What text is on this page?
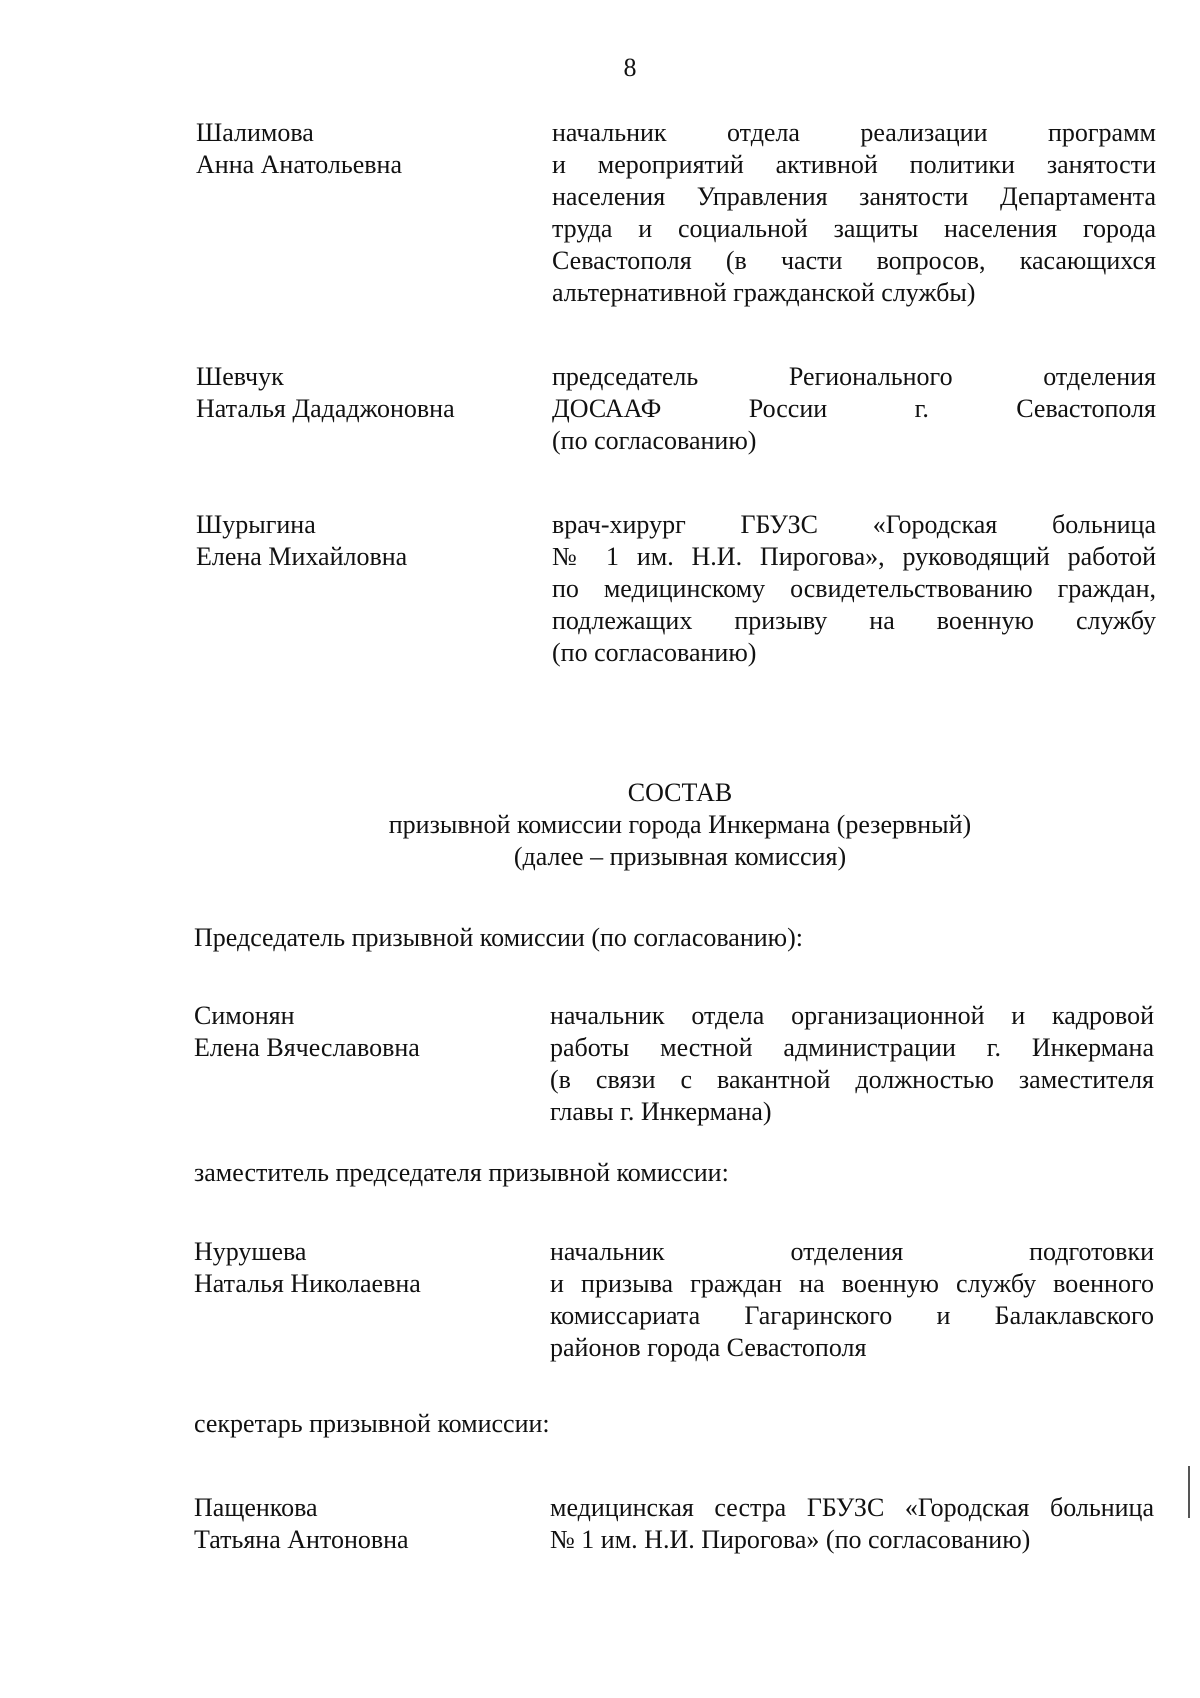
8
Шалимова
Анна Анатольевна
начальник отдела реализации программ
и мероприятий активной политики занятости
населения Управления занятости Департамента
труда и социальной защиты населения города
Севастополя (в части вопросов, касающихся
альтернативной гражданской службы)
Шевчук
Наталья Дададжоновна
председатель Регионального отделения
ДОСААФ России г. Севастополя
(по согласованию)
Шурыгина
Елена Михайловна
врач-хирург ГБУЗС «Городская больница
№ 1 им. Н.И. Пирогова», руководящий работой
по медицинскому освидетельствованию граждан,
подлежащих призыву на военную службу
(по согласованию)
СОСТАВ
призывной комиссии города Инкермана (резервный)
(далее – призывная комиссия)
Председатель призывной комиссии (по согласованию):
Симонян
Елена Вячеславовна
начальник отдела организационной и кадровой
работы местной администрации г. Инкермана
(в связи с вакантной должностью заместителя
главы г. Инкермана)
заместитель председателя призывной комиссии:
Нурушева
Наталья Николаевна
начальник отделения подготовки
и призыва граждан на военную службу военного
комиссариата Гагаринского и Балаклавского
районов города Севастополя
секретарь призывной комиссии:
Пащенкова
Татьяна Антоновна
медицинская сестра ГБУЗС «Городская больница
№ 1 им. Н.И. Пирогова» (по согласованию)
